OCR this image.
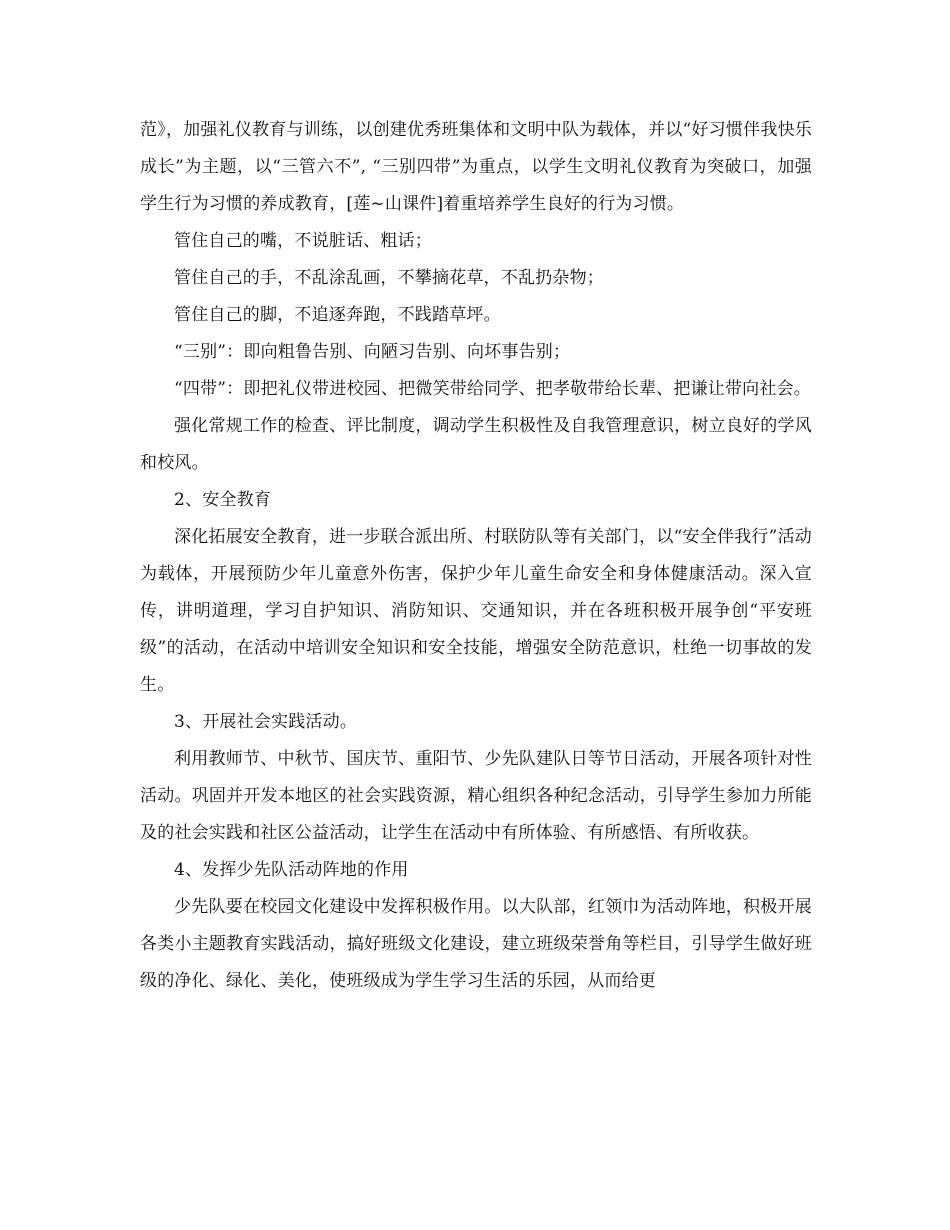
范》，加强礼仪教育与训练，以创建优秀班集体和文明中队为载体，并以“好习惯伴我快乐成长”为主题，以“三管六不”, “三别四带”为重点，以学生文明礼仪教育为突破口，加强学生行为习惯的养成教育，[莲~山课件]着重培养学生良好的行为习惯。

管住自己的嘴，不说脏话、粗话；

管住自己的手，不乱涂乱画，不攀摘花草，不乱扔杂物；

管住自己的脚，不追逐奔跑，不践踏草坪。

“三别”：即向粗鲁告别、向陋习告别、向坏事告别；

“四带”：即把礼仪带进校园、把微笑带给同学、把孝敬带给长辈、把谦让带向社会。

强化常规工作的检查、评比制度，调动学生积极性及自我管理意识，树立良好的学风和校风。

2、安全教育

深化拓展安全教育，进一步联合派出所、村联防队等有关部门，以“安全伴我行”活动为载体，开展预防少年儿童意外伤害，保护少年儿童生命安全和身体健康活动。深入宣传，讲明道理，学习自护知识、消防知识、交通知识，并在各班积极开展争创“平安班级”的活动，在活动中培训安全知识和安全技能，增强安全防范意识，杜绝一切事故的发生。

3、开展社会实践活动。

利用教师节、中秋节、国庆节、重阳节、少先队建队日等节日活动，开展各项针对性活动。巩固并开发本地区的社会实践资源，精心组织各种纪念活动，引导学生参加力所能及的社会实践和社区公益活动，让学生在活动中有所体验、有所感悟、有所收获。

4、发挥少先队活动阵地的作用

少先队要在校园文化建设中发挥积极作用。以大队部，红领巾为活动阵地，积极开展各类小主题教育实践活动，搞好班级文化建设，建立班级荣誉角等栏目，引导学生做好班级的净化、绿化、美化，使班级成为学生学习生活的乐园，从而给更
